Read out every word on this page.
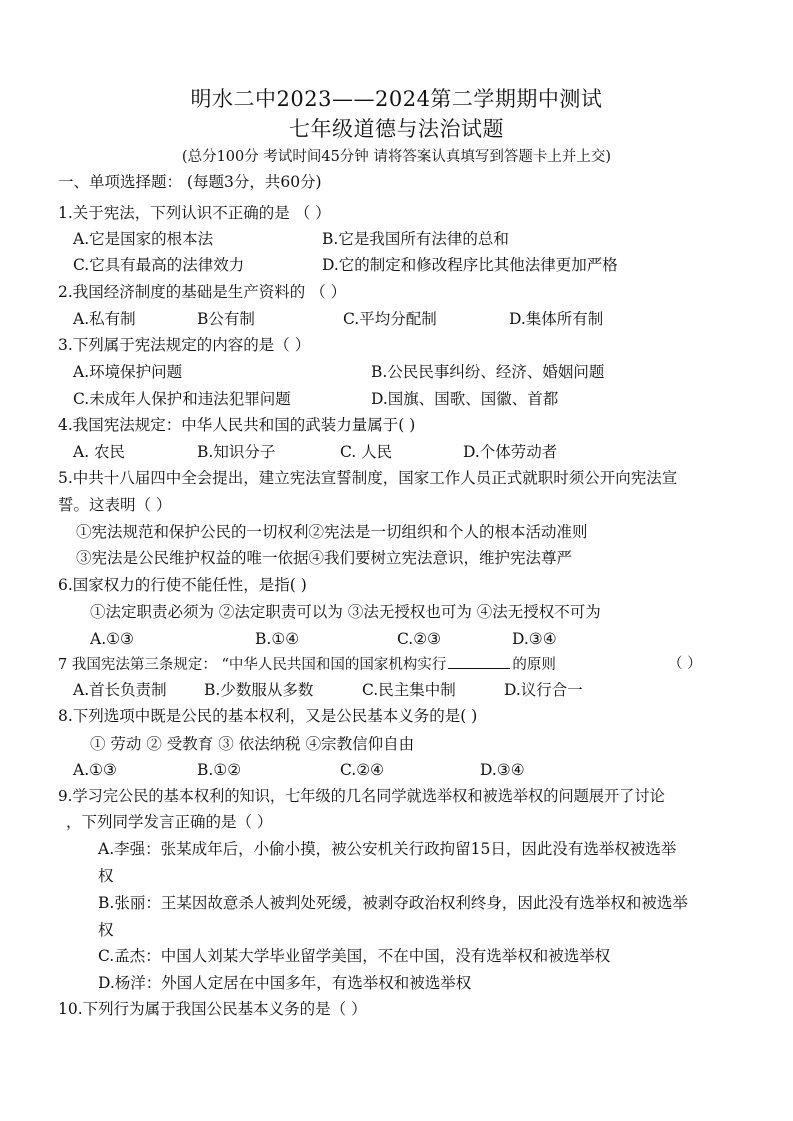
明水二中2023——2024第二学期期中测试
七年级道德与法治试题
(总分100分 考试时间45分钟 请将答案认真填写到答题卡上并上交)
一、单项选择题： (每题3分，共60分)
1.关于宪法，下列认识不正确的是 （ ）
A.它是国家的根本法	B.它是我国所有法律的总和
C.它具有最高的法律效力	D.它的制定和修改程序比其他法律更加严格
2.我国经济制度的基础是生产资料的 （ ）
A.私有制	B公有制	C.平均分配制	D.集体所有制
3.下列属于宪法规定的内容的是（ ）
A.环境保护问题	B.公民民事纠纷、经济、婚姻问题
C.未成年人保护和违法犯罪问题	D.国旗、国歌、国徽、首都
4.我国宪法规定：中华人民共和国的武装力量属于( )
A. 农民	B.知识分子	C. 人民	D.个体劳动者
5.中共十八届四中全会提出，建立宪法宣誓制度，国家工作人员正式就职时须公开向宪法宣
誓。这表明（ ）
①宪法规范和保护公民的一切权利②宪法是一切组织和个人的根本活动准则
③宪法是公民维护权益的唯一依据④我们要树立宪法意识，维护宪法尊严
6.国家权力的行使不能任性，是指( )
①法定职责必须为 ②法定职责可以为 ③法无授权也可为 ④法无授权不可为
A.①③	B.①④	C.②③	D.③④
7 我国宪法第三条规定： “中华人民共国和国的国家机构实行	的原则	（ ）
A.首长负责制 B.少数服从多数	C.民主集中制	D.议行合一
8.下列选项中既是公民的基本权利，又是公民基本义务的是( )
① 劳动 ② 受教育 ③ 依法纳税 ④宗教信仰自由
A.①③	B.①②	C.②④	D.③④
9.学习完公民的基本权利的知识，七年级的几名同学就选举权和被选举权的问题展开了讨论
，下列同学发言正确的是（ ）
A.李强：张某成年后，小偷小摸，被公安机关行政拘留15日，因此没有选举权被选举
权
B.张丽：王某因故意杀人被判处死缓，被剥夺政治权利终身，因此没有选举权和被选举
权
C.孟杰：中国人刘某大学毕业留学美国，不在中国，没有选举权和被选举权
D.杨洋：外国人定居在中国多年，有选举权和被选举权
10.下列行为属于我国公民基本义务的是（ ）
